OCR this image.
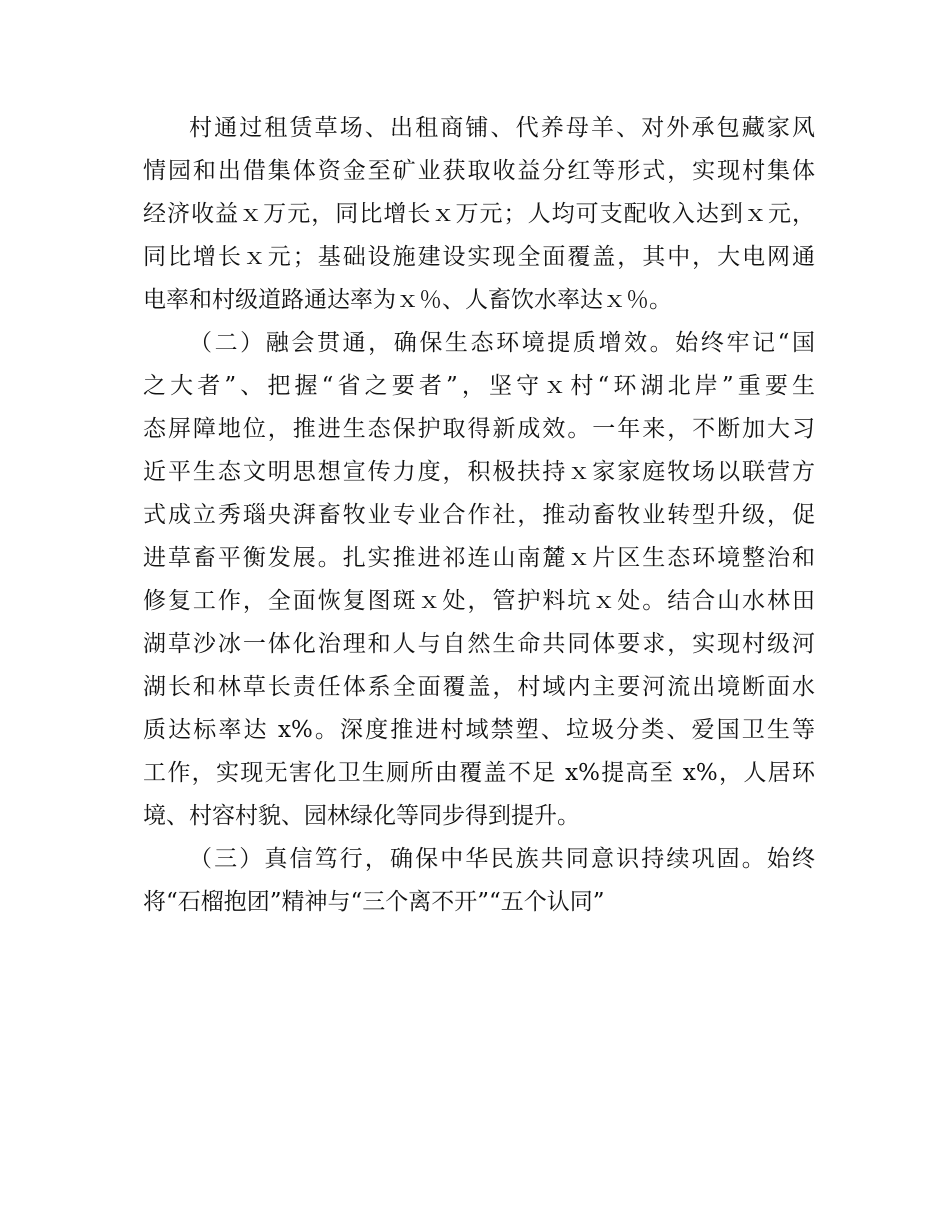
村通过租赁草场、出租商铺、代养母羊、对外承包藏家风
情园和出借集体资金至矿业获取收益分红等形式，实现村集体
经济收益ｘ万元，同比增长ｘ万元；人均可支配收入达到ｘ元，
同比增长ｘ元；基础设施建设实现全面覆盖，其中，大电网通
电率和村级道路通达率为ｘ％、人畜饮水率达ｘ％。
（二）融会贯通，确保生态环境提质增效。始终牢记“国
之大者”、把握“省之要者”，坚守ｘ村“环湖北岸”重要生
态屏障地位，推进生态保护取得新成效。一年来，不断加大习
近平生态文明思想宣传力度，积极扶持ｘ家家庭牧场以联营方
式成立秀瑙央湃畜牧业专业合作社，推动畜牧业转型升级，促
进草畜平衡发展。扎实推进祁连山南麓ｘ片区生态环境整治和
修复工作，全面恢复图斑ｘ处，管护料坑ｘ处。结合山水林田
湖草沙冰一体化治理和人与自然生命共同体要求，实现村级河
湖长和林草长责任体系全面覆盖，村域内主要河流出境断面水
质达标率达 x%。深度推进村域禁塑、垃圾分类、爱国卫生等
工作，实现无害化卫生厕所由覆盖不足 x%提高至 x%，人居环
境、村容村貌、园林绿化等同步得到提升。
（三）真信笃行，确保中华民族共同意识持续巩固。始终
将“石榴抱团”精神与“三个离不开”“五个认同”
